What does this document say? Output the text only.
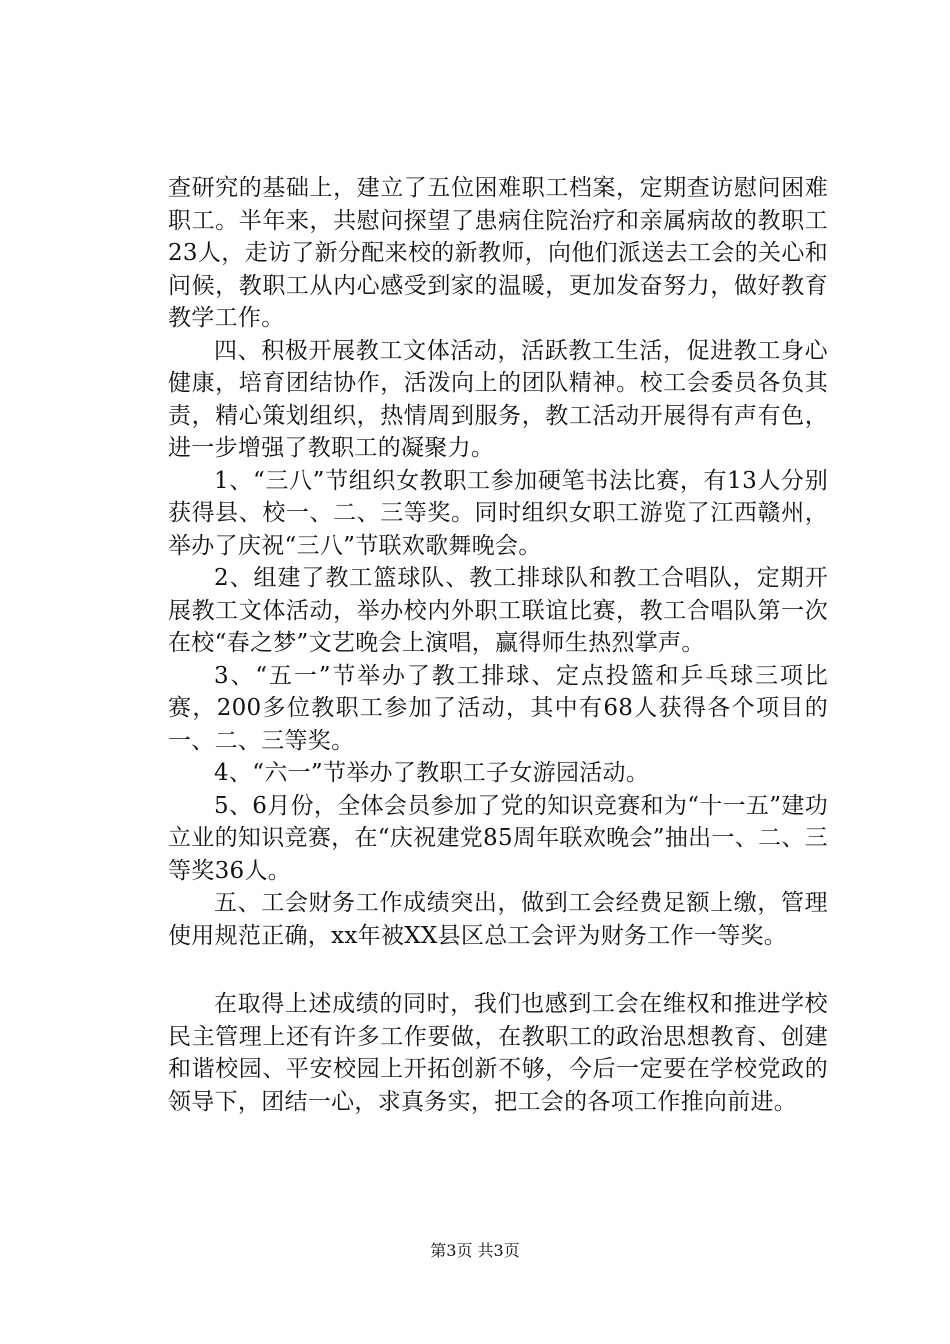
查研究的基础上，建立了五位困难职工档案，定期查访慰问困难职工。半年来，共慰问探望了患病住院治疗和亲属病故的教职工23人，走访了新分配来校的新教师，向他们派送去工会的关心和问候，教职工从内心感受到家的温暖，更加发奋努力，做好教育教学工作。

四、积极开展教工文体活动，活跃教工生活，促进教工身心健康，培育团结协作，活泼向上的团队精神。校工会委员各负其责，精心策划组织，热情周到服务，教工活动开展得有声有色，进一步增强了教职工的凝聚力。

1、“三八”节组织女教职工参加硬笔书法比赛，有13人分别获得县、校一、二、三等奖。同时组织女职工游览了江西赣州，举办了庆祝“三八”节联欢歌舞晚会。

2、组建了教工篮球队、教工排球队和教工合唱队，定期开展教工文体活动，举办校内外职工联谊比赛，教工合唱队第一次在校“春之梦”文艺晚会上演唱，赢得师生热烈掌声。

3、“五一”节举办了教工排球、定点投篮和乒乓球三项比赛，200多位教职工参加了活动，其中有68人获得各个项目的一、二、三等奖。

4、“六一”节举办了教职工子女游园活动。

5、6月份，全体会员参加了党的知识竞赛和为“十一五”建功立业的知识竞赛，在“庆祝建党85周年联欢晚会”抽出一、二、三等奖36人。

五、工会财务工作成绩突出，做到工会经费足额上缴，管理使用规范正确，xx年被XX县区总工会评为财务工作一等奖。

在取得上述成绩的同时，我们也感到工会在维权和推进学校民主管理上还有许多工作要做，在教职工的政治思想教育、创建和谐校园、平安校园上开拓创新不够，今后一定要在学校党政的领导下，团结一心，求真务实，把工会的各项工作推向前进。

第3页 共3页
